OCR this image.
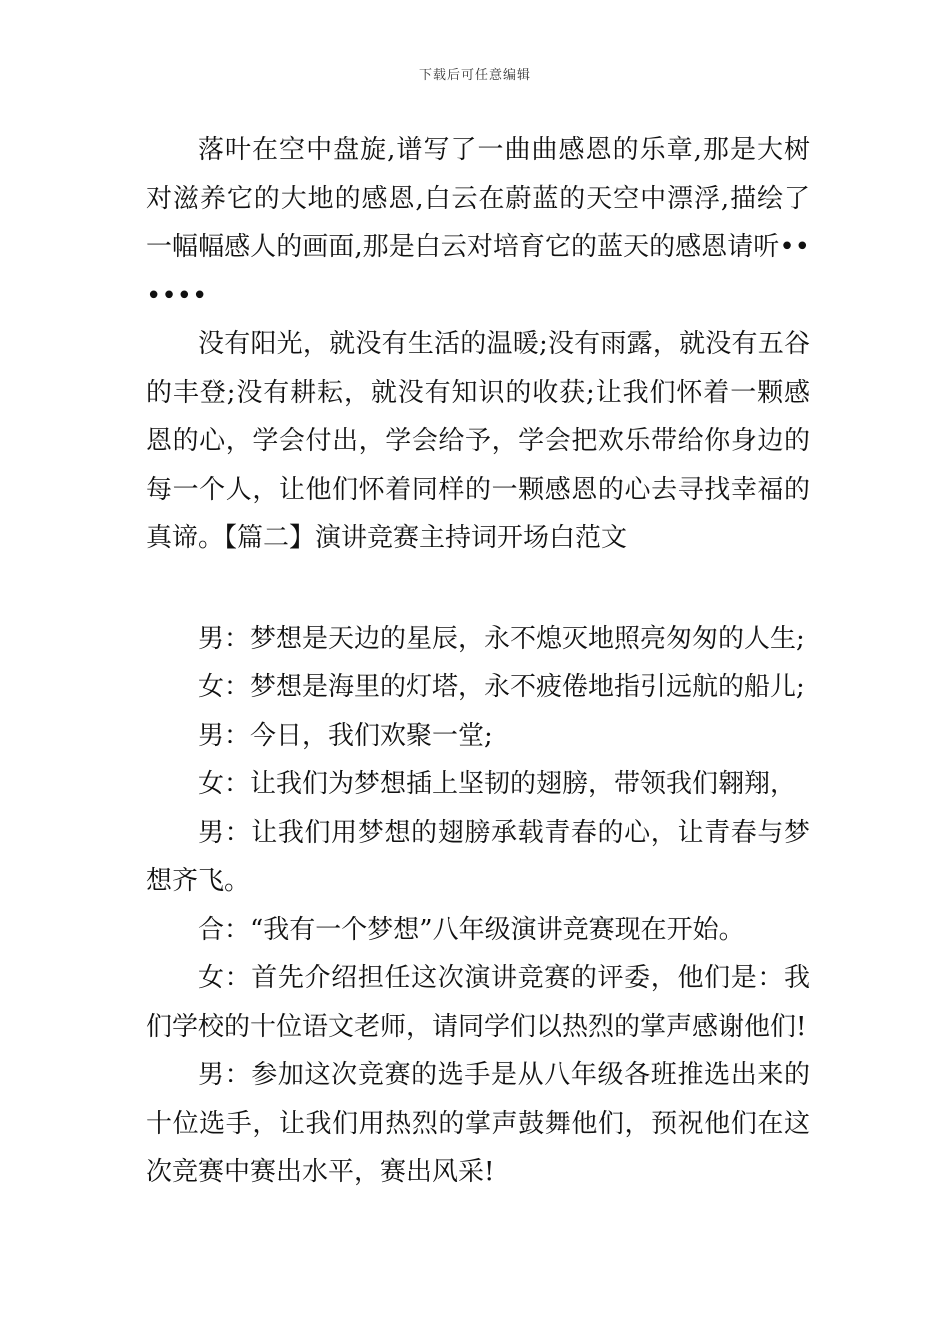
下载后可任意编辑

落叶在空中盘旋,谱写了一曲曲感恩的乐章,那是大树对滋养它的大地的感恩,白云在蔚蓝的天空中漂浮,描绘了一幅幅感人的画面,那是白云对培育它的蓝天的感恩请听••••••

没有阳光，就没有生活的温暖;没有雨露，就没有五谷的丰登;没有耕耘，就没有知识的收获;让我们怀着一颗感恩的心，学会付出，学会给予，学会把欢乐带给你身边的每一个人，让他们怀着同样的一颗感恩的心去寻找幸福的真谛。【篇二】演讲竞赛主持词开场白范文

男：梦想是天边的星辰，永不熄灭地照亮匆匆的人生;

女：梦想是海里的灯塔，永不疲倦地指引远航的船儿;

男：今日，我们欢聚一堂;

女：让我们为梦想插上坚韧的翅膀，带领我们翱翔，

男：让我们用梦想的翅膀承载青春的心，让青春与梦想齐飞。

合：“我有一个梦想”八年级演讲竞赛现在开始。

女：首先介绍担任这次演讲竞赛的评委，他们是：我们学校的十位语文老师，请同学们以热烈的掌声感谢他们!

男：参加这次竞赛的选手是从八年级各班推选出来的十位选手，让我们用热烈的掌声鼓舞他们，预祝他们在这次竞赛中赛出水平，赛出风采!
